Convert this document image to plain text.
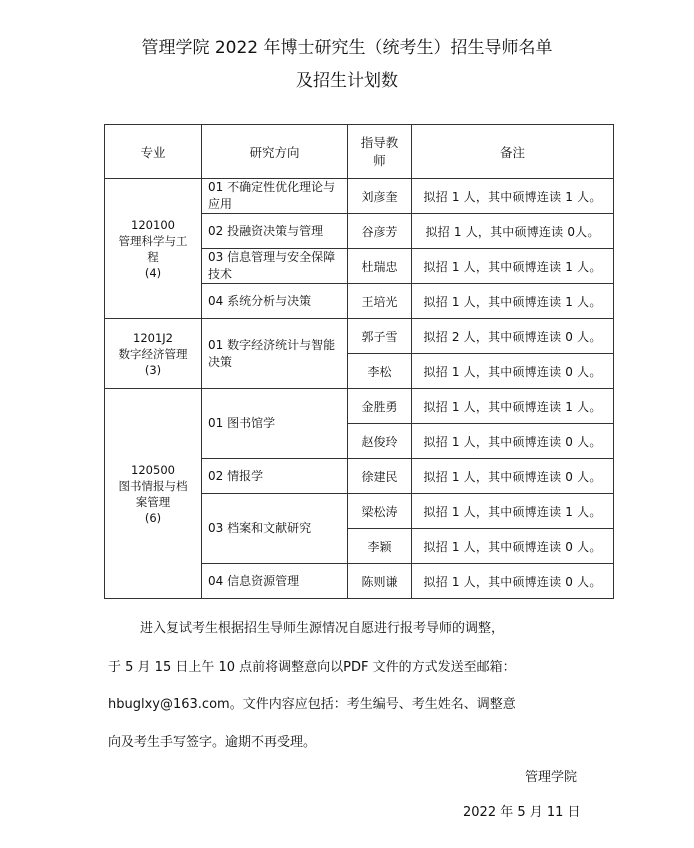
管理学院 2022 年博士研究生（统考生）招生导师名单
及招生计划数
专业	研究方向	指导教师	备注

120100
管理科学与工
程
(4)	01 不确定性优化理论与应用	刘彦奎	拟招 1 人，其中硕博连读 1 人。
	02 投融资决策与管理	谷彦芳	拟招 1 人，其中硕博连读 0人。
	03 信息管理与安全保障技术	杜瑞忠	拟招 1 人，其中硕博连读 1 人。
	04 系统分析与决策	王培光	拟招 1 人，其中硕博连读 1 人。

1201J2
数字经济管理
(3)	01 数字经济统计与智能决策	郭子雪	拟招 2 人，其中硕博连读 0 人。
		李松	拟招 1 人，其中硕博连读 0 人。

120500
图书情报与档
案管理
(6)	01 图书馆学	金胜勇	拟招 1 人，其中硕博连读 1 人。
		赵俊玲	拟招 1 人，其中硕博连读 0 人。
	02 情报学	徐建民	拟招 1 人，其中硕博连读 0 人。
	03 档案和文献研究	梁松涛	拟招 1 人，其中硕博连读 1 人。
		李颖	拟招 1 人，其中硕博连读 0 人。
	04 信息资源管理	陈则谦	拟招 1 人，其中硕博连读 0 人。
进入复试考生根据招生导师生源情况自愿进行报考导师的调整，
于 5 月 15 日上午 10 点前将调整意向以PDF 文件的方式发送至邮箱：
hbuglxy@163.com。文件内容应包括：考生编号、考生姓名、调整意
向及考生手写签字。逾期不再受理。
管理学院
2022 年 5 月 11 日
